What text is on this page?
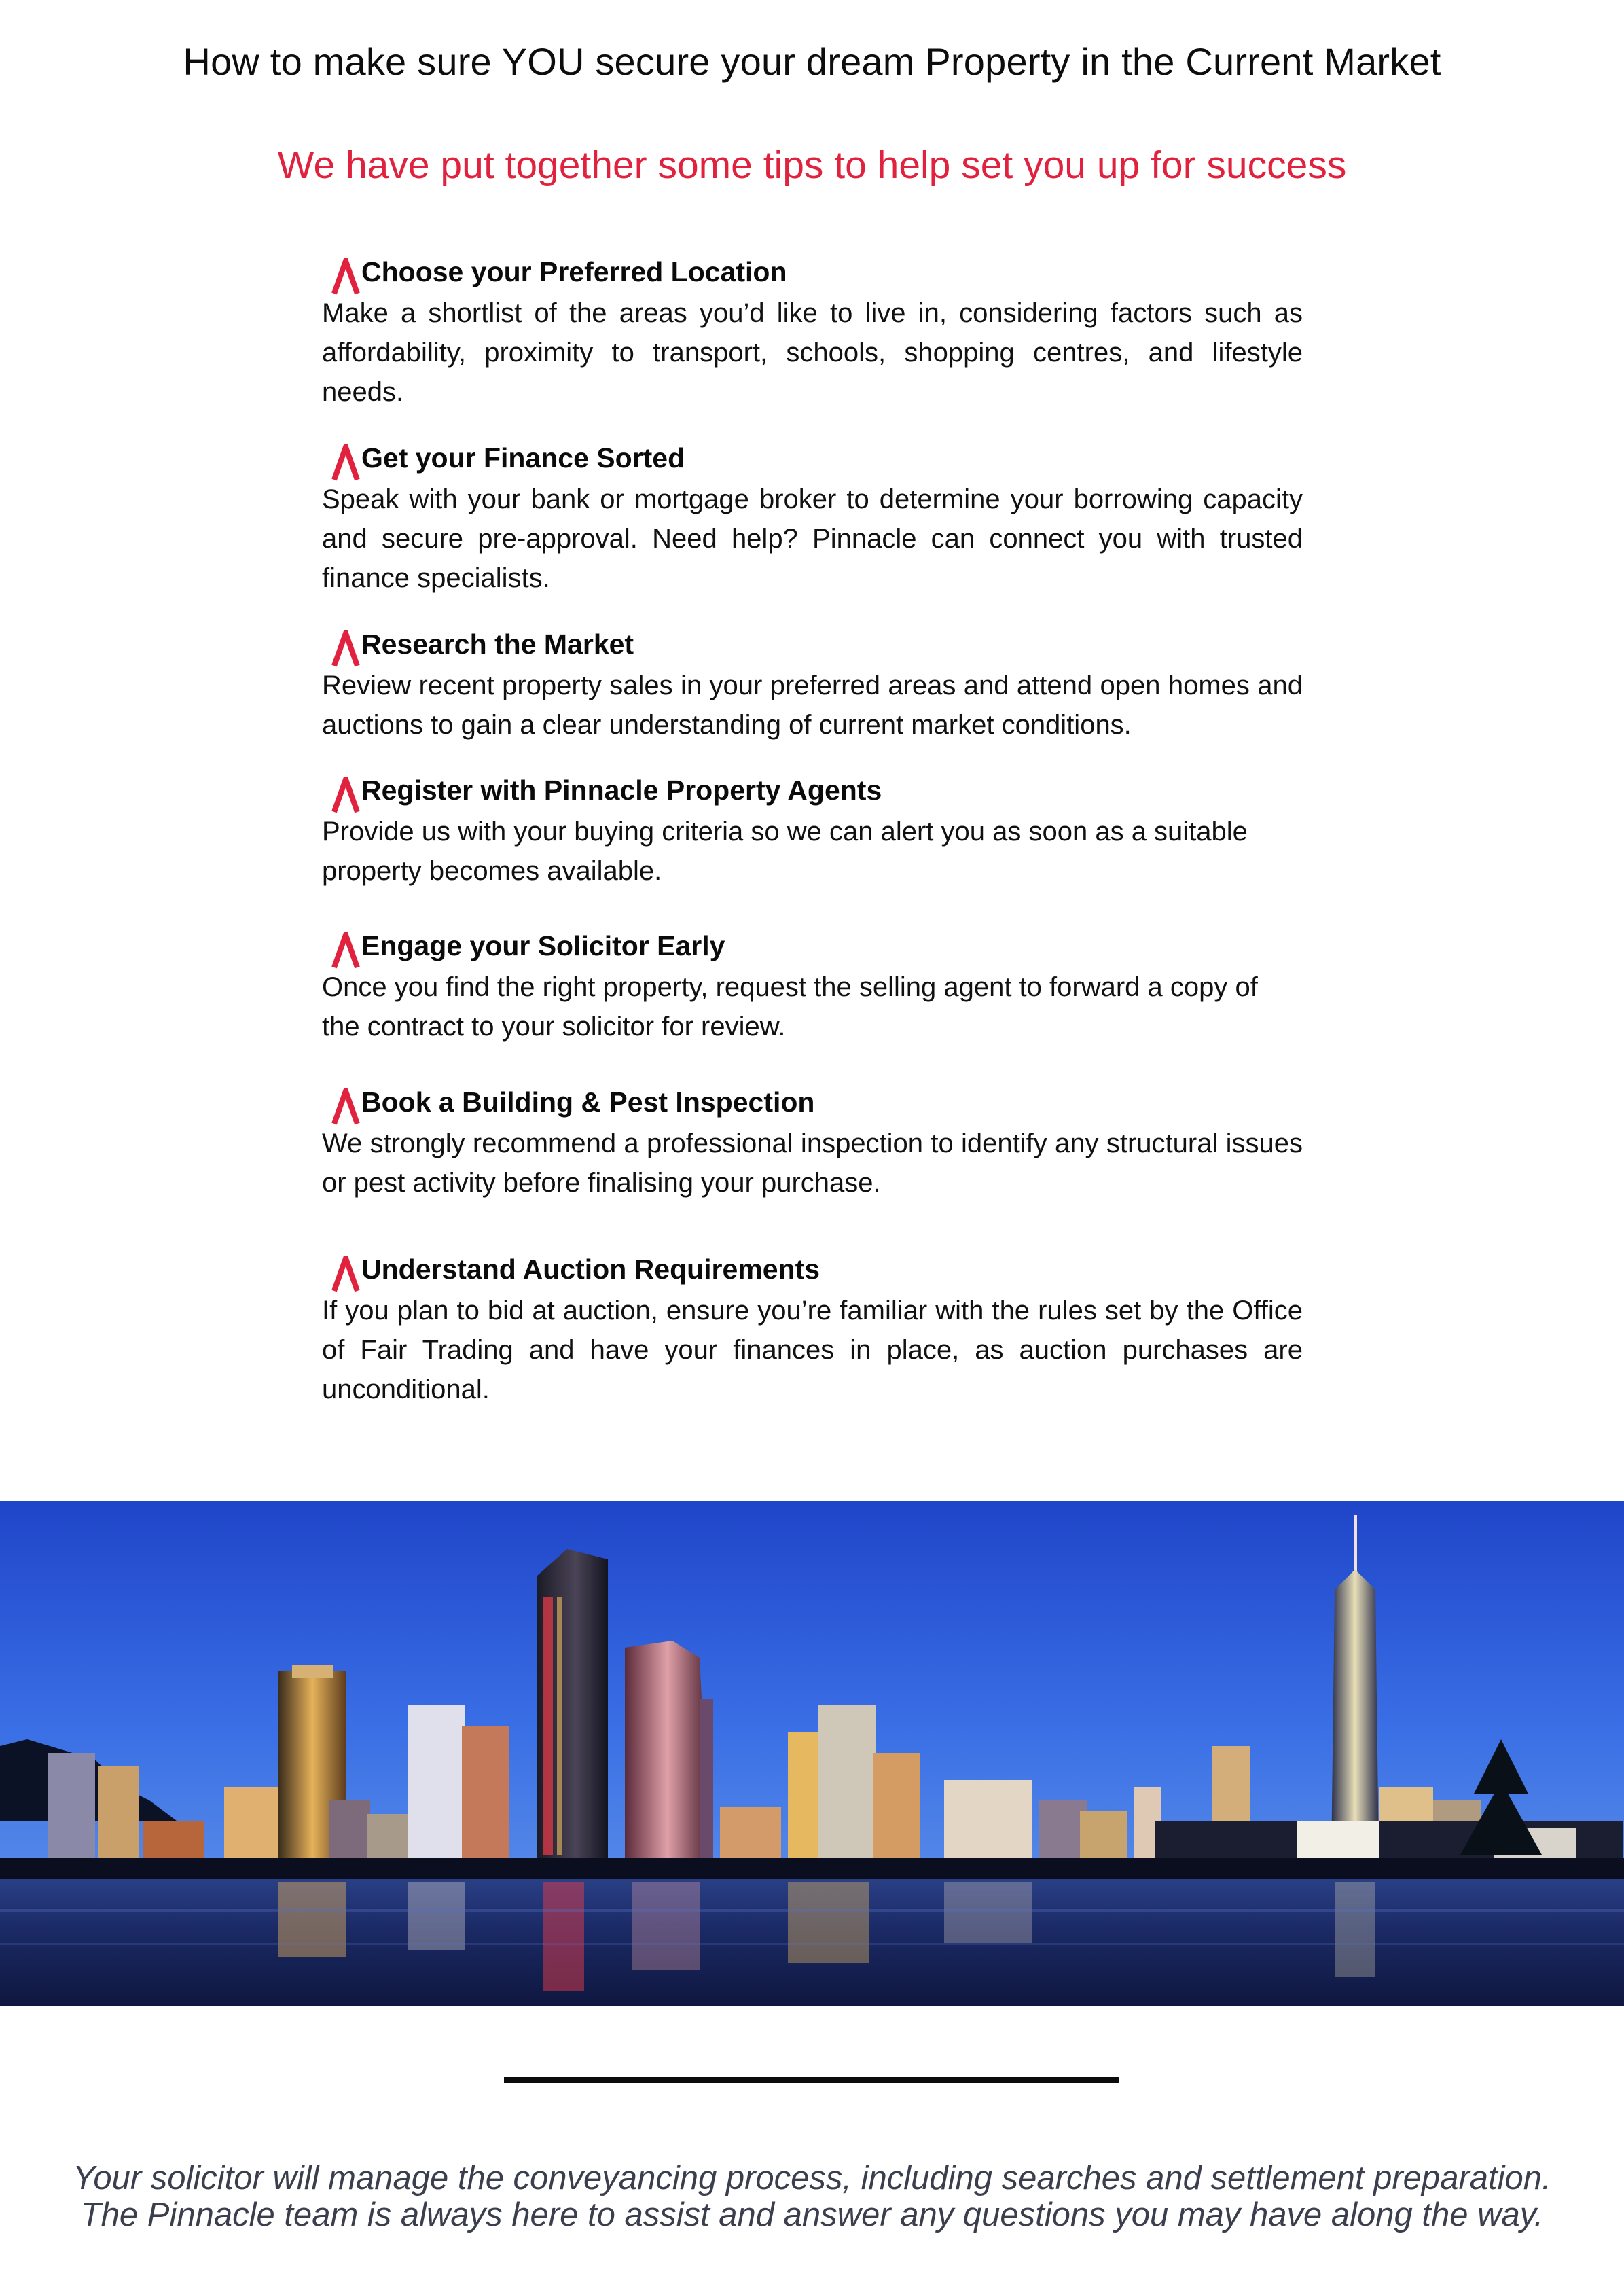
How to make sure YOU secure your dream Property in the Current Market
We have put together some tips to help set you up for success
Choose your Preferred Location

Make a shortlist of the areas you’d like to live in, considering factors such as affordability, proximity to transport, schools, shopping centres, and lifestyle needs.

Get your Finance Sorted

Speak with your bank or mortgage broker to determine your borrowing capacity and secure pre-approval. Need help? Pinnacle can connect you with trusted finance specialists.

Research the Market

Review recent property sales in your preferred areas and attend open homes and auctions to gain a clear understanding of current market conditions.

Register with Pinnacle Property Agents

Provide us with your buying criteria so we can alert you as soon as a suitable property becomes available.

Engage your Solicitor Early

Once you find the right property, request the selling agent to forward a copy of the contract to your solicitor for review.

Book a Building & Pest Inspection

We strongly recommend a professional inspection to identify any structural issues or pest activity before finalising your purchase.

Understand Auction Requirements

If you plan to bid at auction, ensure you’re familiar with the rules set by the Office of Fair Trading and have your finances in place, as auction purchases are unconditional.

Your solicitor will manage the conveyancing process, including searches and settlement preparation.
The Pinnacle team is always here to assist and answer any questions you may have along the way.
